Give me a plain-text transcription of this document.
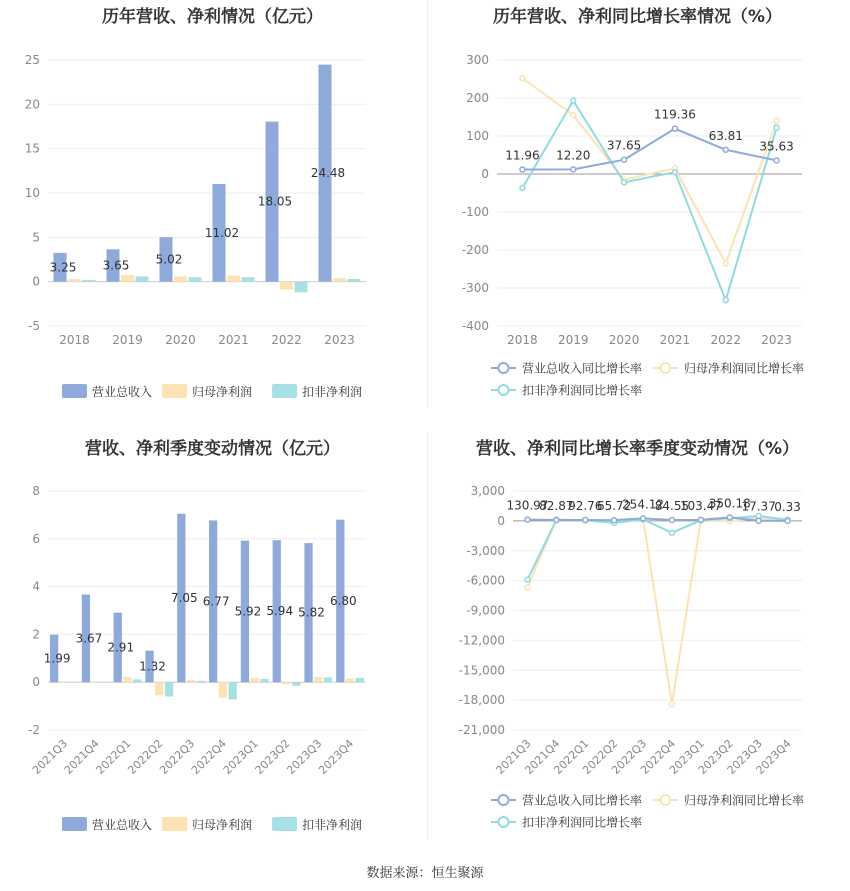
历年营收、净利情况（亿元）
-5
0
5
10
15
20
25
3.25
2018
3.65
2019
5.02
2020
11.02
2021
18.05
2022
24.48
2023
营业总收入	归母净利润	扣非净利润
历年营收、净利同比增长率情况（%）
-400
-300
-200
-100
0
100
200
300
11.96 12.20
37.65
119.36
63.81
35.63
2018 2019 2020 2021 2022 2023
营业总收入同比增长率	归母净利润同比增长率
扣非净利润同比增长率
营收、净利季度变动情况（亿元）
-2
0
2
4
6
8
1.99
2021Q3
3.67
2021Q4
2.91
2022Q1
1.32
2022Q2
7.05
2022Q3
6.77
2022Q4
5.92
2023Q1
5.94
2023Q2
5.82
2023Q3
6.80
2023Q4
营业总收入	归母净利润	扣非净利润
营收、净利同比增长率季度变动情况（%）
-21,000
-18,000
-15,000
-12,000
-9,000
-6,000
-3,000
0
3,000
130.97
82.87
92.76
65.72
254.12
84.55
103.47
350.18
17.37
0.33
2021Q3
2021Q4
2022Q1
2022Q2
2022Q3
2022Q4
2023Q1
2023Q2
2023Q3
2023Q4
营业总收入同比增长率	归母净利润同比增长率
扣非净利润同比增长率
数据来源：恒生聚源
